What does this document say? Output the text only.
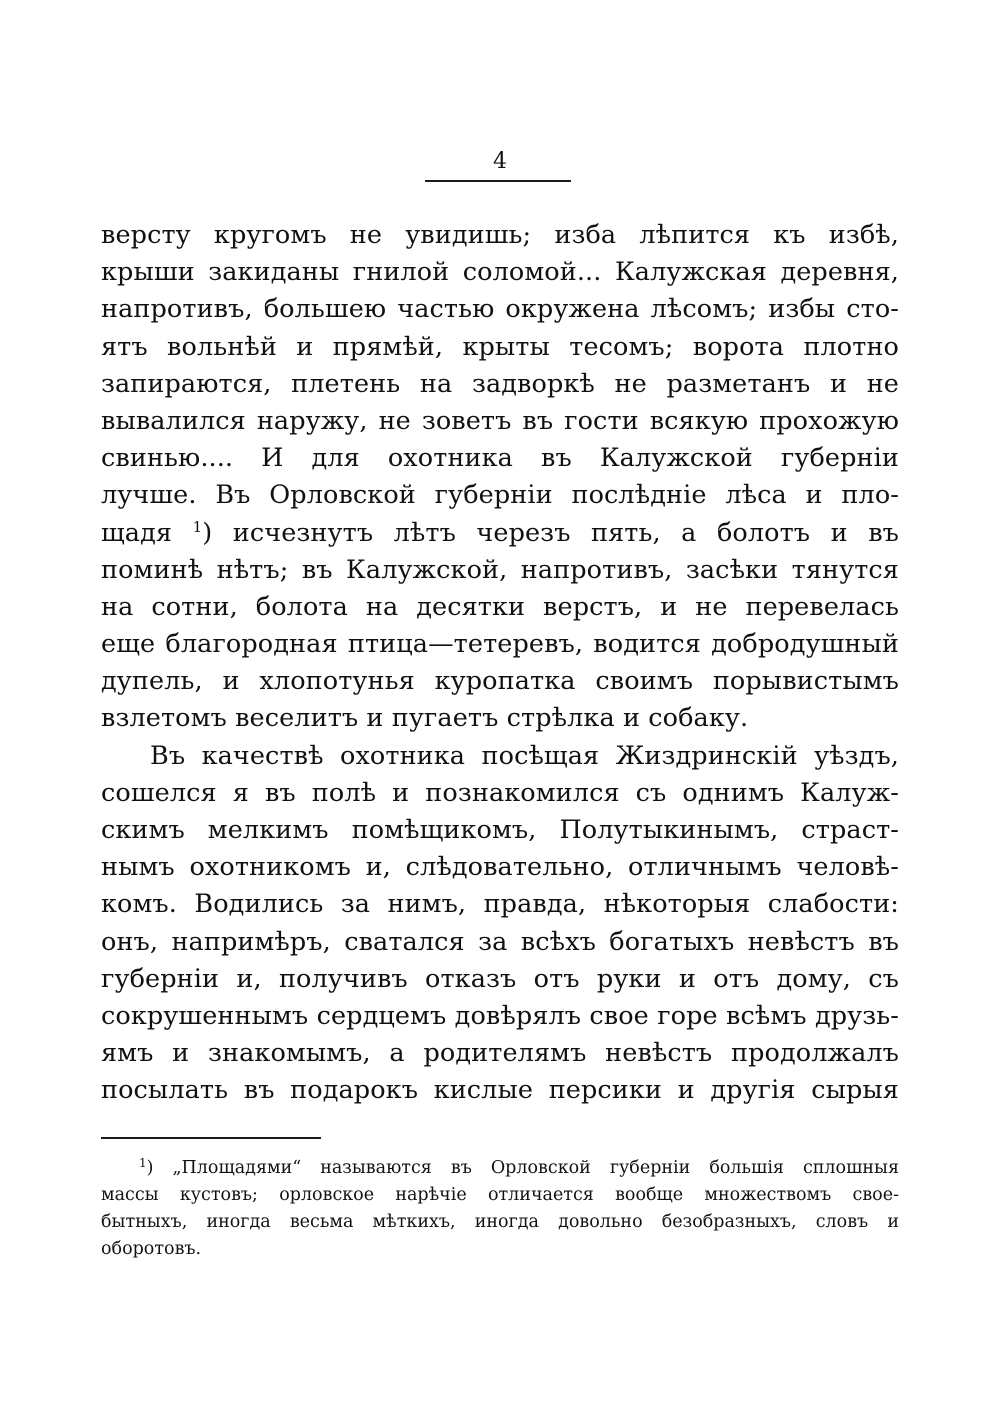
4
версту кругомъ не увидишь; изба лѣпится къ избѣ,
крыши закиданы гнилой соломой... Калужская деревня,
напротивъ, большею частью окружена лѣсомъ; избы сто-
ятъ вольнѣй и прямѣй, крыты тесомъ; ворота плотно
запираются, плетень на задворкѣ не разметанъ и не
вывалился наружу, не зоветъ въ гости всякую прохожую
свинью.... И для охотника въ Калужской губерніи
лучше. Въ Орловской губерніи послѣдніе лѣса и пло-
щадя $^1$) исчезнутъ лѣтъ черезъ пять, а болотъ и въ
поминѣ нѣтъ; въ Калужской, напротивъ, засѣки тянутся
на сотни, болота на десятки верстъ, и не перевелась
еще благородная птица—тетеревъ, водится добродушный
дупель, и хлопотунья куропатка своимъ порывистымъ
взлетомъ веселитъ и пугаетъ стрѣлка и собаку.
Въ качествѣ охотника посѣщая Жиздринскій уѣздъ,
сошелся я въ полѣ и познакомился съ однимъ Калуж-
скимъ мелкимъ помѣщикомъ, Полутыкинымъ, страст-
нымъ охотникомъ и, слѣдовательно, отличнымъ человѣ-
комъ. Водились за нимъ, правда, нѣкоторыя слабости:
онъ, напримѣръ, сватался за всѣхъ богатыхъ невѣстъ въ
губерніи и, получивъ отказъ отъ руки и отъ дому, съ
сокрушеннымъ сердцемъ довѣрялъ свое горе всѣмъ друзь-
ямъ и знакомымъ, а родителямъ невѣстъ продолжалъ
посылать въ подарокъ кислые персики и другія сырыя
$^1$) „Площадями“ называются въ Орловской губерніи большія сплошныя
массы кустовъ; орловское нарѣчіе отличается вообще множествомъ свое-
бытныхъ, иногда весьма мѣткихъ, иногда довольно безобразныхъ, словъ и
оборотовъ.
